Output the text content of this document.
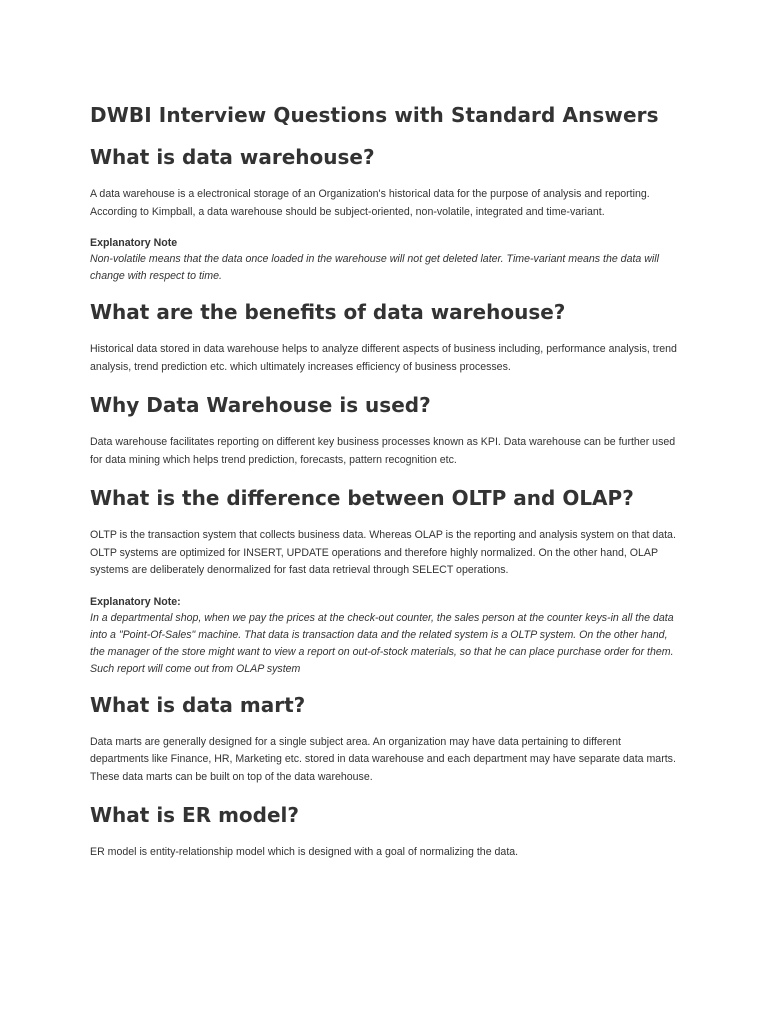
DWBI Interview Questions with Standard Answers
What is data warehouse?

A data warehouse is a electronical storage of an Organization's historical data for the purpose of analysis and reporting. According to Kimpball, a data warehouse should be subject-oriented, non-volatile, integrated and time-variant.

Explanatory Note

Non-volatile means that the data once loaded in the warehouse will not get deleted later. Time-variant means the data will change with respect to time.

What are the benefits of data warehouse?

Historical data stored in data warehouse helps to analyze different aspects of business including, performance analysis, trend analysis, trend prediction etc. which ultimately increases efficiency of business processes.

Why Data Warehouse is used?

Data warehouse facilitates reporting on different key business processes known as KPI. Data warehouse can be further used for data mining which helps trend prediction, forecasts, pattern recognition etc.

What is the difference between OLTP and OLAP?

OLTP is the transaction system that collects business data. Whereas OLAP is the reporting and analysis system on that data.

OLTP systems are optimized for INSERT, UPDATE operations and therefore highly normalized. On the other hand, OLAP systems are deliberately denormalized for fast data retrieval through SELECT operations.

Explanatory Note:

In a departmental shop, when we pay the prices at the check-out counter, the sales person at the counter keys-in all the data into a "Point-Of-Sales" machine. That data is transaction data and the related system is a OLTP system. On the other hand, the manager of the store might want to view a report on out-of-stock materials, so that he can place purchase order for them. Such report will come out from OLAP system

What is data mart?

Data marts are generally designed for a single subject area. An organization may have data pertaining to different departments like Finance, HR, Marketing etc. stored in data warehouse and each department may have separate data marts. These data marts can be built on top of the data warehouse.

What is ER model?

ER model is entity-relationship model which is designed with a goal of normalizing the data.
